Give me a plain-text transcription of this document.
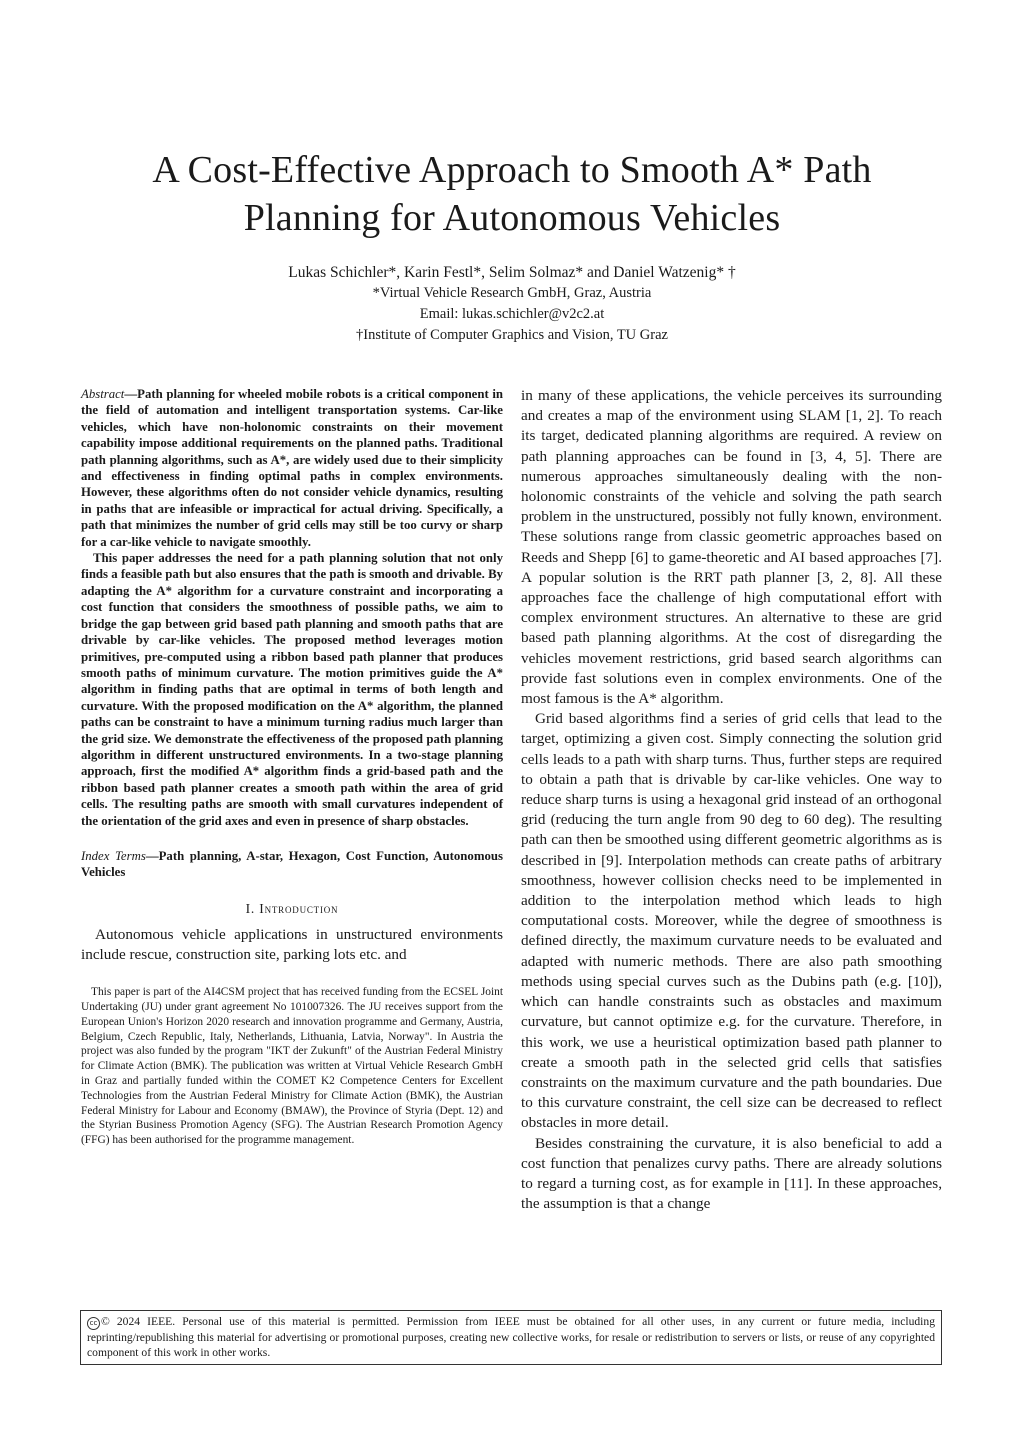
A Cost-Effective Approach to Smooth A* Path
Planning for Autonomous Vehicles
Lukas Schichler*, Karin Festl*, Selim Solmaz* and Daniel Watzenig* †
*Virtual Vehicle Research GmbH, Graz, Austria
Email: lukas.schichler@v2c2.at
†Institute of Computer Graphics and Vision, TU Graz

Abstract—Path planning for wheeled mobile robots is a critical component in the field of automation and intelligent transportation systems. Car-like vehicles, which have non-holonomic constraints on their movement capability impose additional requirements on the planned paths. Traditional path planning algorithms, such as A*, are widely used due to their simplicity and effectiveness in finding optimal paths in complex environments. However, these algorithms often do not consider vehicle dynamics, resulting in paths that are infeasible or impractical for actual driving. Specifically, a path that minimizes the number of grid cells may still be too curvy or sharp for a car-like vehicle to navigate smoothly.

This paper addresses the need for a path planning solution that not only finds a feasible path but also ensures that the path is smooth and drivable. By adapting the A* algorithm for a curvature constraint and incorporating a cost function that considers the smoothness of possible paths, we aim to bridge the gap between grid based path planning and smooth paths that are drivable by car-like vehicles. The proposed method leverages motion primitives, pre-computed using a ribbon based path planner that produces smooth paths of minimum curvature. The motion primitives guide the A* algorithm in finding paths that are optimal in terms of both length and curvature. With the proposed modification on the A* algorithm, the planned paths can be constraint to have a minimum turning radius much larger than the grid size. We demonstrate the effectiveness of the proposed path planning algorithm in different unstructured environments. In a two-stage planning approach, first the modified A* algorithm finds a grid-based path and the ribbon based path planner creates a smooth path within the area of grid cells. The resulting paths are smooth with small curvatures independent of the orientation of the grid axes and even in presence of sharp obstacles.

Index Terms—Path planning, A-star, Hexagon, Cost Function, Autonomous Vehicles

I. Introduction

Autonomous vehicle applications in unstructured environments include rescue, construction site, parking lots etc. and

This paper is part of the AI4CSM project that has received funding from the ECSEL Joint Undertaking (JU) under grant agreement No 101007326. The JU receives support from the European Union's Horizon 2020 research and innovation programme and Germany, Austria, Belgium, Czech Republic, Italy, Netherlands, Lithuania, Latvia, Norway". In Austria the project was also funded by the program "IKT der Zukunft" of the Austrian Federal Ministry for Climate Action (BMK). The publication was written at Virtual Vehicle Research GmbH in Graz and partially funded within the COMET K2 Competence Centers for Excellent Technologies from the Austrian Federal Ministry for Climate Action (BMK), the Austrian Federal Ministry for Labour and Economy (BMAW), the Province of Styria (Dept. 12) and the Styrian Business Promotion Agency (SFG). The Austrian Research Promotion Agency (FFG) has been authorised for the programme management.

in many of these applications, the vehicle perceives its surrounding and creates a map of the environment using SLAM [1, 2]. To reach its target, dedicated planning algorithms are required. A review on path planning approaches can be found in [3, 4, 5]. There are numerous approaches simultaneously dealing with the non-holonomic constraints of the vehicle and solving the path search problem in the unstructured, possibly not fully known, environment. These solutions range from classic geometric approaches based on Reeds and Shepp [6] to game-theoretic and AI based approaches [7]. A popular solution is the RRT path planner [3, 2, 8]. All these approaches face the challenge of high computational effort with complex environment structures. An alternative to these are grid based path planning algorithms. At the cost of disregarding the vehicles movement restrictions, grid based search algorithms can provide fast solutions even in complex environments. One of the most famous is the A* algorithm.

Grid based algorithms find a series of grid cells that lead to the target, optimizing a given cost. Simply connecting the solution grid cells leads to a path with sharp turns. Thus, further steps are required to obtain a path that is drivable by car-like vehicles. One way to reduce sharp turns is using a hexagonal grid instead of an orthogonal grid (reducing the turn angle from 90 deg to 60 deg). The resulting path can then be smoothed using different geometric algorithms as is described in [9]. Interpolation methods can create paths of arbitrary smoothness, however collision checks need to be implemented in addition to the interpolation method which leads to high computational costs. Moreover, while the degree of smoothness is defined directly, the maximum curvature needs to be evaluated and adapted with numeric methods. There are also path smoothing methods using special curves such as the Dubins path (e.g. [10]), which can handle constraints such as obstacles and maximum curvature, but cannot optimize e.g. for the curvature. Therefore, in this work, we use a heuristical optimization based path planner to create a smooth path in the selected grid cells that satisfies constraints on the maximum curvature and the path boundaries. Due to this curvature constraint, the cell size can be decreased to reflect obstacles in more detail.

Besides constraining the curvature, it is also beneficial to add a cost function that penalizes curvy paths. There are already solutions to regard a turning cost, as for example in [11]. In these approaches, the assumption is that a change

cc © 2024 IEEE. Personal use of this material is permitted. Permission from IEEE must be obtained for all other uses, in any current or future media, including reprinting/republishing this material for advertising or promotional purposes, creating new collective works, for resale or redistribution to servers or lists, or reuse of any copyrighted component of this work in other works.
